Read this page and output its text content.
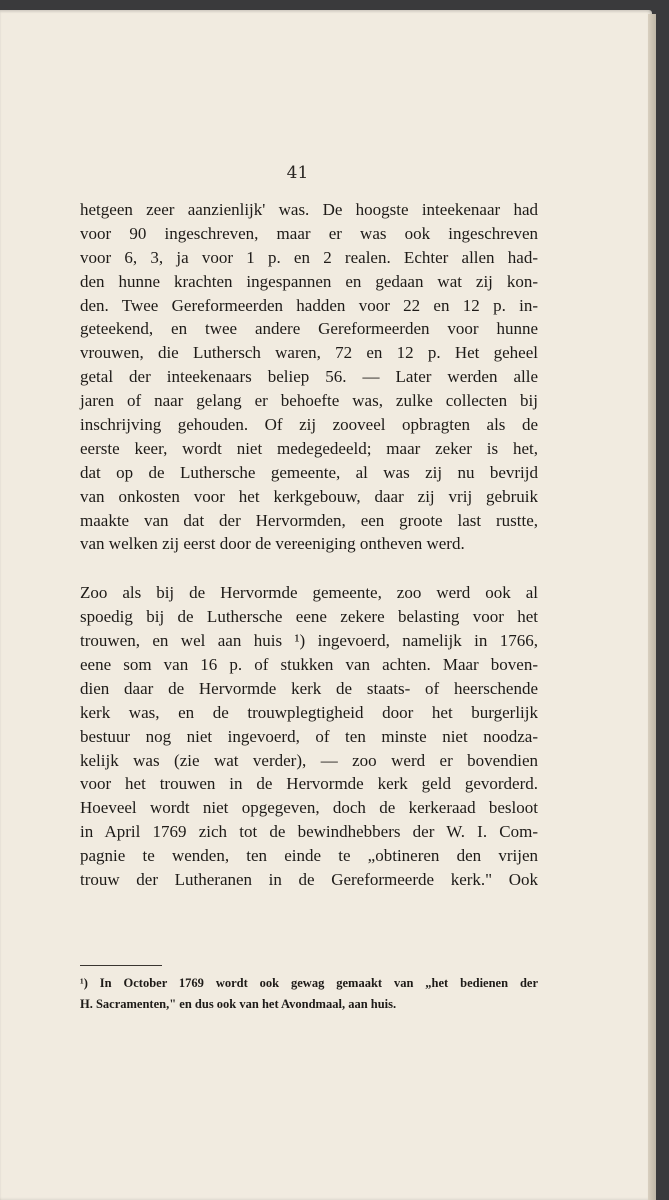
41
hetgeen zeer aanzienlijk' was. De hoogste inteekenaar had
voor 90 ingeschreven, maar er was ook ingeschreven
voor 6, 3, ja voor 1 p. en 2 realen. Echter allen had-
den hunne krachten ingespannen en gedaan wat zij kon-
den. Twee Gereformeerden hadden voor 22 en 12 p. in-
geteekend, en twee andere Gereformeerden voor hunne
vrouwen, die Luthersch waren, 72 en 12 p. Het geheel
getal der inteekenaars beliep 56. — Later werden alle
jaren of naar gelang er behoefte was, zulke collecten bij
inschrijving gehouden. Of zij zooveel opbragten als de
eerste keer, wordt niet medegedeeld; maar zeker is het,
dat op de Luthersche gemeente, al was zij nu bevrijd
van onkosten voor het kerkgebouw, daar zij vrij gebruik
maakte van dat der Hervormden, een groote last rustte,
van welken zij eerst door de vereeniging ontheven werd.
Zoo als bij de Hervormde gemeente, zoo werd ook al
spoedig bij de Luthersche eene zekere belasting voor het
trouwen, en wel aan huis ¹) ingevoerd, namelijk in 1766,
eene som van 16 p. of stukken van achten. Maar boven-
dien daar de Hervormde kerk de staats- of heerschende
kerk was, en de trouwplegtigheid door het burgerlijk
bestuur nog niet ingevoerd, of ten minste niet noodza-
kelijk was (zie wat verder), — zoo werd er bovendien
voor het trouwen in de Hervormde kerk geld gevorderd.
Hoeveel wordt niet opgegeven, doch de kerkeraad besloot
in April 1769 zich tot de bewindhebbers der W. I. Com-
pagnie te wenden, ten einde te „obtineren den vrijen
trouw der Lutheranen in de Gereformeerde kerk." Ook
¹) In October 1769 wordt ook gewag gemaakt van „het bedienen der
H. Sacramenten," en dus ook van het Avondmaal, aan huis.
